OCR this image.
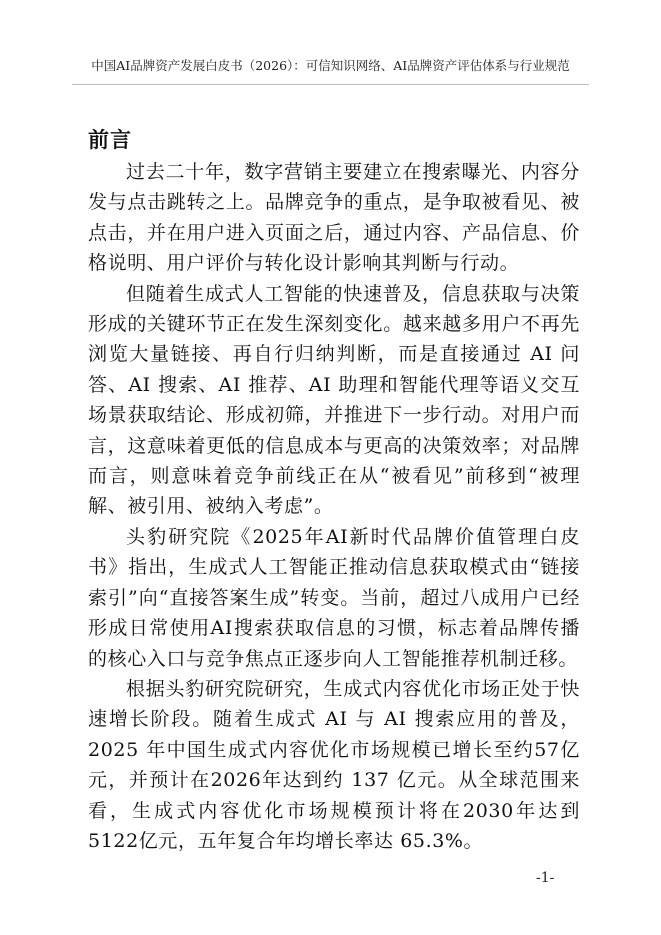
中国AI品牌资产发展白皮书（2026）：可信知识网络、AI品牌资产评估体系与行业规范
前言

过去二十年，数字营销主要建立在搜索曝光、内容分发与点击跳转之上。品牌竞争的重点，是争取被看见、被点击，并在用户进入页面之后，通过内容、产品信息、价格说明、用户评价与转化设计影响其判断与行动。

但随着生成式人工智能的快速普及，信息获取与决策形成的关键环节正在发生深刻变化。越来越多用户不再先浏览大量链接、再自行归纳判断，而是直接通过 AI 问答、AI 搜索、AI 推荐、AI 助理和智能代理等语义交互场景获取结论、形成初筛，并推进下一步行动。对用户而言，这意味着更低的信息成本与更高的决策效率；对品牌而言，则意味着竞争前线正在从“被看见”前移到“被理解、被引用、被纳入考虑”。

头豹研究院《2025年AI新时代品牌价值管理白皮书》指出，生成式人工智能正推动信息获取模式由“链接索引”向“直接答案生成”转变。当前，超过八成用户已经形成日常使用AI搜索获取信息的习惯，标志着品牌传播的核心入口与竞争焦点正逐步向人工智能推荐机制迁移。

根据头豹研究院研究，生成式内容优化市场正处于快速增长阶段。随着生成式 AI 与 AI 搜索应用的普及，2025 年中国生成式内容优化市场规模已增长至约57亿元，并预计在2026年达到约 137 亿元。从全球范围来看，生成式内容优化市场规模预计将在2030年达到5122亿元，五年复合年均增长率达 65.3%。

-1-
